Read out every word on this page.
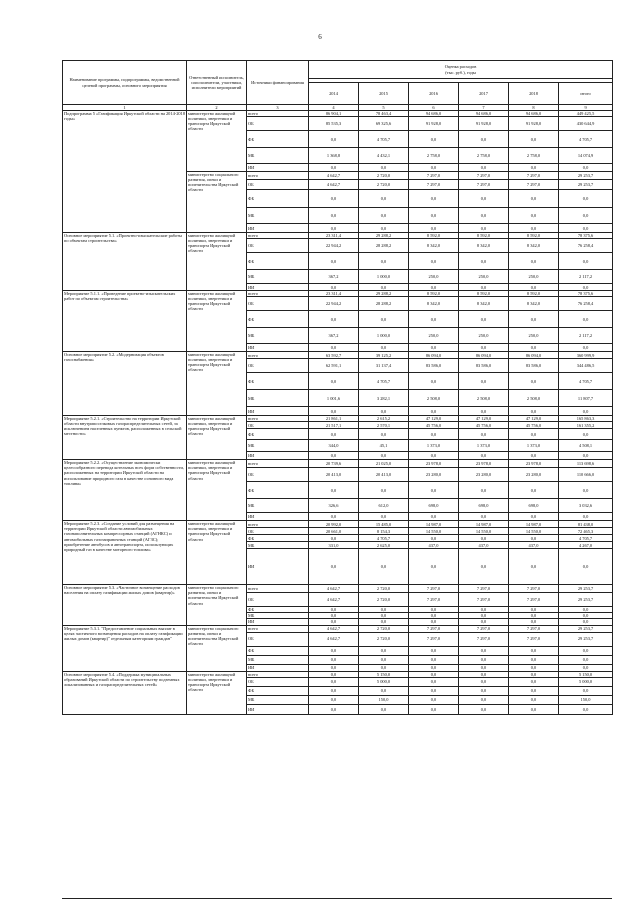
6
Наименование программы, подпрограммы, ведомственной целевой программы, основного мероприятия	Ответственный исполнитель, соисполнители, участники, исполнители мероприятий	Источники финансирования	Оценка расходов
(тыс. руб.), годы					

			2014	2015	2016	2017	2018	итого
1	2	3	4	5	6	7	8	9
Подпрограмма 5 «Газификация Иркутской области на 2014-2018 годы»	министерство жилищной политики, энергетики и транспорта Иркутской области	всего	86 904,1	78 463,4	94 686,0	94 686,0	94 686,0	449 425,5
		ОБ	85 535,3	69 325,6	91 928,0	91 928,0	91 928,0	430 644,9
		ФБ	0,0	4 705,7	0,0	0,0	0,0	4 705,7
		МБ	1 368,8	4 432,1	2 758,0	2 758,0	2 758,0	14 074,9
		ИИ	0,0	0,0	0,0	0,0	0,0	0,0
	министерство социального развития, опеки и попечительства Иркутской области	всего	4 642,7	2 720,0	7 297,0	7 297,0	7 297,0	29 253,7
		ОБ	4 642,7	2 720,0	7 297,0	7 297,0	7 297,0	29 253,7
		ФБ	0,0	0,0	0,0	0,0	0,0	0,0
		МБ	0,0	0,0	0,0	0,0	0,0	0,0
		ИИ	0,0	0,0	0,0	0,0	0,0	0,0
Основное мероприятие 5.1. «Проектно-изыскательские работы по объектам строительства»	министерство жилищной политики, энергетики и транспорта Иркутской области	всего	23 311,4	29 288,2	8 592,0	8 592,0	8 592,0	78 375,6
		ОБ	22 944,2	28 288,2	8 342,0	8 342,0	8 342,0	76 258,4
		ФБ	0,0	0,0	0,0	0,0	0,0	0,0
		МБ	367,2	1 000,0	250,0	250,0	250,0	2 117,2
		ИИ	0,0	0,0	0,0	0,0	0,0	0,0
Мероприятие 5.1.1. «Проведение проектно-изыскательских работ по объектам строительства»	министерство жилищной политики, энергетики и транспорта Иркутской области	всего	23 311,4	29 288,2	8 592,0	8 592,0	8 592,0	78 375,6
		ОБ	22 944,2	28 288,2	8 342,0	8 342,0	8 342,0	76 258,4
		ФБ	0,0	0,0	0,0	0,0	0,0	0,0
		МБ	367,2	1 000,0	250,0	250,0	250,0	2 117,2
		ИИ	0,0	0,0	0,0	0,0	0,0	0,0
Основное мероприятие 5.2. «Модернизация объектов газоснабжения»	министерство жилищной политики, энергетики и транспорта Иркутской области	всего	63 592,7	39 125,2	86 094,0	86 094,0	86 094,0	360 999,9
		ОБ	62 591,1	31 137,4	83 586,0	83 586,0	83 586,0	344 486,5
		ФБ	0,0	4 705,7	0,0	0,0	0,0	4 705,7
		МБ	1 001,6	3 282,1	2 508,0	2 508,0	2 508,0	11 807,7
		ИИ	0,0	0,0	0,0	0,0	0,0	0,0
Мероприятие 5.2.1. «Строительство на территории Иркутской области внутрипоселковых газораспределительных сетей, за исключением населенных пунктов, расположенных в сельской местности»	министерство жилищной политики, энергетики и транспорта Иркутской области	всего	21 861,1	2 615,2	47 129,0	47 129,0	47 129,0	165 863,3
		ОБ	21 517,1	2 570,1	45 756,0	45 756,0	45 756,0	161 355,2
		ФБ	0,0	0,0	0,0	0,0	0,0	0,0
		МБ	344,0	45,1	1 373,0	1 373,0	1 373,0	4 508,1
		ИИ	0,0	0,0	0,0	0,0	0,0	0,0
Мероприятие 5.2.2. «Осуществление экономически целесообразного перевода котельных всех форм собственности, расположенных на территории Иркутской области на использование природного газа в качестве основного вида топлива»	министерство жилищной политики, энергетики и транспорта Иркутской области	всего	20 739,6	21 025,0	23 978,0	23 978,0	23 978,0	113 698,6
		ОБ	20 413,0	20 413,0	23 280,0	23 280,0	23 280,0	110 666,0
		ФБ	0,0	0,0	0,0	0,0	0,0	0,0
		МБ	326,6	612,0	698,0	698,0	698,0	3 032,6
		ИИ	0,0	0,0	0,0	0,0	0,0	0,0
Мероприятие 5.2.3. «Создание условий для размещения на территории Иркутской области автомобильных газонаполнительных компрессорных станций (АГНКС) и автомобильных газозаправочных станций (АГЗС); приобретение автобусов и автотранспорта, использующих природный газ в качестве моторного топлива»	министерство жилищной политики, энергетики и транспорта Иркутской области	всего	20 992,0	15 485,0	14 987,0	14 987,0	14 987,0	81 438,0
		ОБ	20 661,0	8 154,3	14 550,0	14 550,0	14 550,0	72 465,3
		ФБ	0,0	4 705,7	0,0	0,0	0,0	4 705,7
		МБ	331,0	2 625,0	437,0	437,0	437,0	4 267,0
		ИИ	0,0	0,0	0,0	0,0	0,0	0,0
Основное мероприятие 5.3. «Частичное возмещение расходов населения на оплату газификации жилых домов (квартир)»	министерство социального развития, опеки и попечительства Иркутской области	всего	4 642,7	2 720,0	7 297,0	7 297,0	7 297,0	29 253,7
		ОБ	4 642,7	2 720,0	7 297,0	7 297,0	7 297,0	29 253,7
		ФБ	0,0	0,0	0,0	0,0	0,0	0,0
		МБ	0,0	0,0	0,0	0,0	0,0	0,0
		ИИ	0,0	0,0	0,0	0,0	0,0	0,0
Мероприятие 5.3.1. "Предоставление социальных выплат в целях частичного возмещения расходов на оплату газификации жилых домов (квартир)" отдельным категориям граждан"	министерство социального развития, опеки и попечительства Иркутской области	всего	4 642,7	2 720,0	7 297,0	7 297,0	7 297,0	29 253,7
		ОБ	4 642,7	2 720,0	7 297,0	7 297,0	7 297,0	29 253,7
		ФБ	0,0	0,0	0,0	0,0	0,0	0,0
		МБ	0,0	0,0	0,0	0,0	0,0	0,0
		ИИ	0,0	0,0	0,0	0,0	0,0	0,0
Основное мероприятие 5.4. «Поддержка муниципальных образований Иркутской области по строительству подземных локализованных и газораспределительных сетей»	министерство жилищной политики, энергетики и транспорта Иркутской области	всего	0,0	5 150,0	0,0	0,0	0,0	5 150,0
		ОБ	0,0	5 000,0	0,0	0,0	0,0	5 000,0
		ФБ	0,0	0,0	0,0	0,0	0,0	0,0
		МБ	0,0	150,0	0,0	0,0	0,0	150,0
		ИИ	0,0	0,0	0,0	0,0	0,0	0,0
